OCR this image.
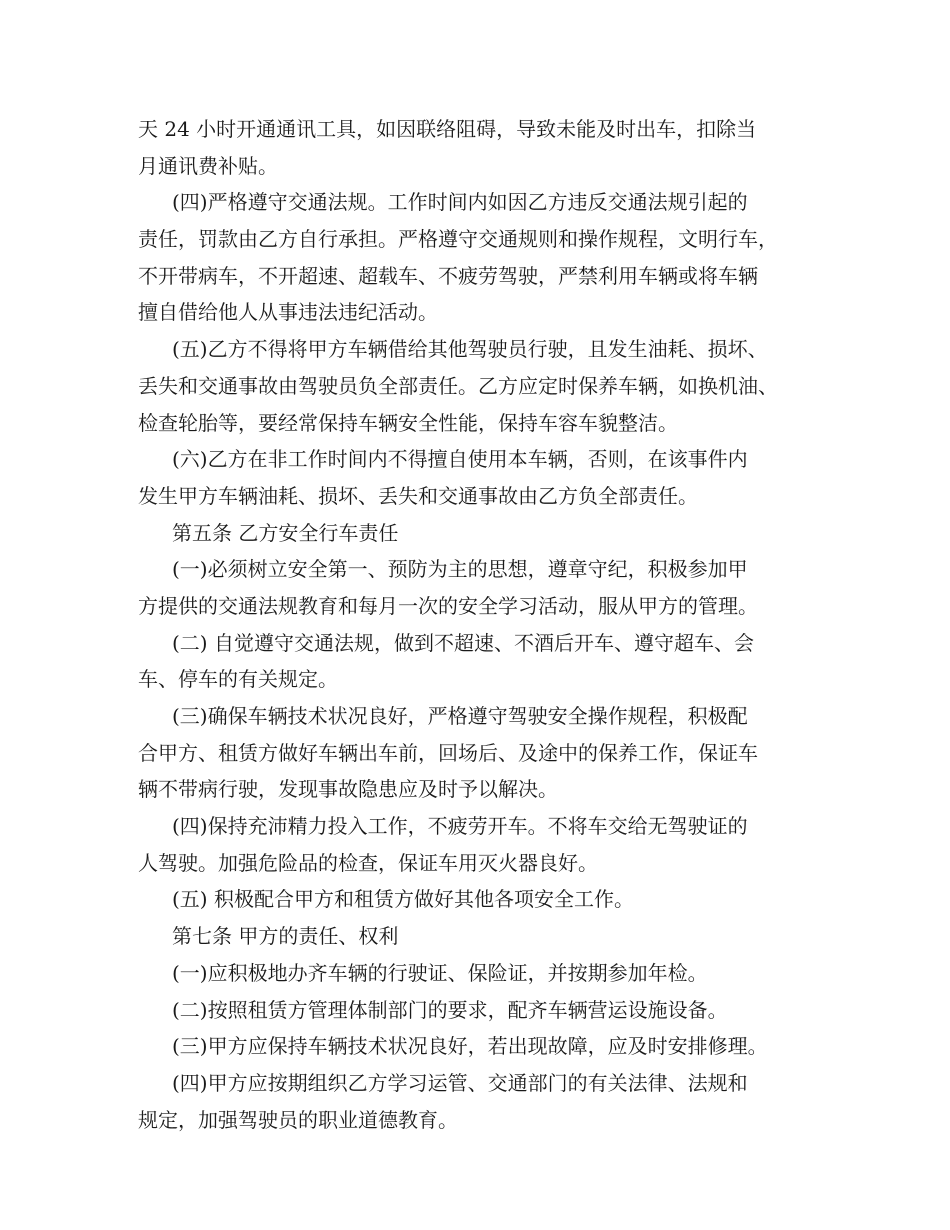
天 24 小时开通通讯工具，如因联络阻碍，导致未能及时出车，扣除当
月通讯费补贴。
(四)严格遵守交通法规。工作时间内如因乙方违反交通法规引起的
责任，罚款由乙方自行承担。严格遵守交通规则和操作规程，文明行车，
不开带病车，不开超速、超载车、不疲劳驾驶，严禁利用车辆或将车辆
擅自借给他人从事违法违纪活动。
(五)乙方不得将甲方车辆借给其他驾驶员行驶，且发生油耗、损坏、
丢失和交通事故由驾驶员负全部责任。乙方应定时保养车辆，如换机油、
检查轮胎等，要经常保持车辆安全性能，保持车容车貌整洁。
(六)乙方在非工作时间内不得擅自使用本车辆，否则，在该事件内
发生甲方车辆油耗、损坏、丢失和交通事故由乙方负全部责任。
第五条 乙方安全行车责任
(一)必须树立安全第一、预防为主的思想，遵章守纪，积极参加甲
方提供的交通法规教育和每月一次的安全学习活动，服从甲方的管理。
(二) 自觉遵守交通法规，做到不超速、不酒后开车、遵守超车、会
车、停车的有关规定。
(三)确保车辆技术状况良好，严格遵守驾驶安全操作规程，积极配
合甲方、租赁方做好车辆出车前，回场后、及途中的保养工作，保证车
辆不带病行驶，发现事故隐患应及时予以解决。
(四)保持充沛精力投入工作，不疲劳开车。不将车交给无驾驶证的
人驾驶。加强危险品的检查，保证车用灭火器良好。
(五) 积极配合甲方和租赁方做好其他各项安全工作。
第七条 甲方的责任、权利
(一)应积极地办齐车辆的行驶证、保险证，并按期参加年检。
(二)按照租赁方管理体制部门的要求，配齐车辆营运设施设备。
(三)甲方应保持车辆技术状况良好，若出现故障，应及时安排修理。
(四)甲方应按期组织乙方学习运管、交通部门的有关法律、法规和
规定，加强驾驶员的职业道德教育。
